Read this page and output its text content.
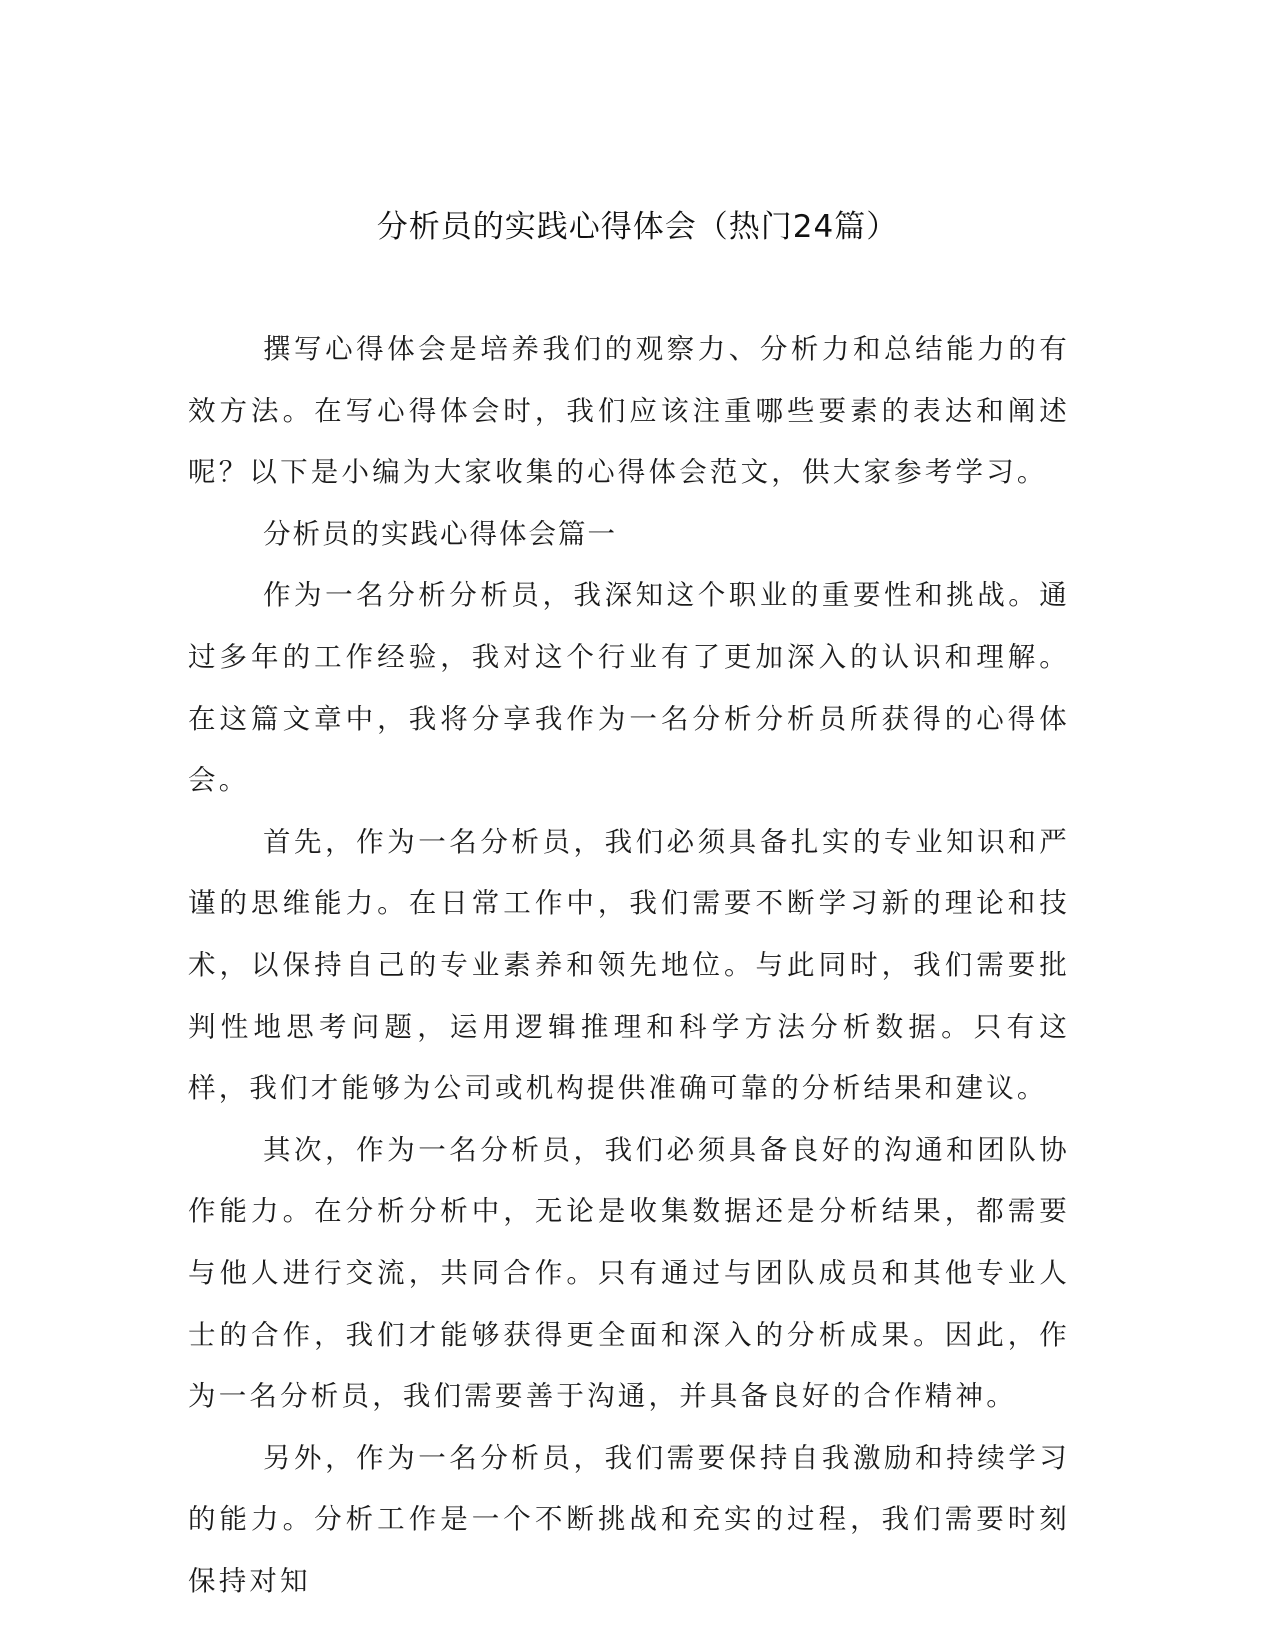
分析员的实践心得体会（热门24篇）

撰写心得体会是培养我们的观察力、分析力和总结能力的有效方法。在写心得体会时，我们应该注重哪些要素的表达和阐述呢？以下是小编为大家收集的心得体会范文，供大家参考学习。

分析员的实践心得体会篇一

作为一名分析分析员，我深知这个职业的重要性和挑战。通过多年的工作经验，我对这个行业有了更加深入的认识和理解。在这篇文章中，我将分享我作为一名分析分析员所获得的心得体会。

首先，作为一名分析员，我们必须具备扎实的专业知识和严谨的思维能力。在日常工作中，我们需要不断学习新的理论和技术，以保持自己的专业素养和领先地位。与此同时，我们需要批判性地思考问题，运用逻辑推理和科学方法分析数据。只有这样，我们才能够为公司或机构提供准确可靠的分析结果和建议。

其次，作为一名分析员，我们必须具备良好的沟通和团队协作能力。在分析分析中，无论是收集数据还是分析结果，都需要与他人进行交流，共同合作。只有通过与团队成员和其他专业人士的合作，我们才能够获得更全面和深入的分析成果。因此，作为一名分析员，我们需要善于沟通，并具备良好的合作精神。

另外，作为一名分析员，我们需要保持自我激励和持续学习的能力。分析工作是一个不断挑战和充实的过程，我们需要时刻保持对知
